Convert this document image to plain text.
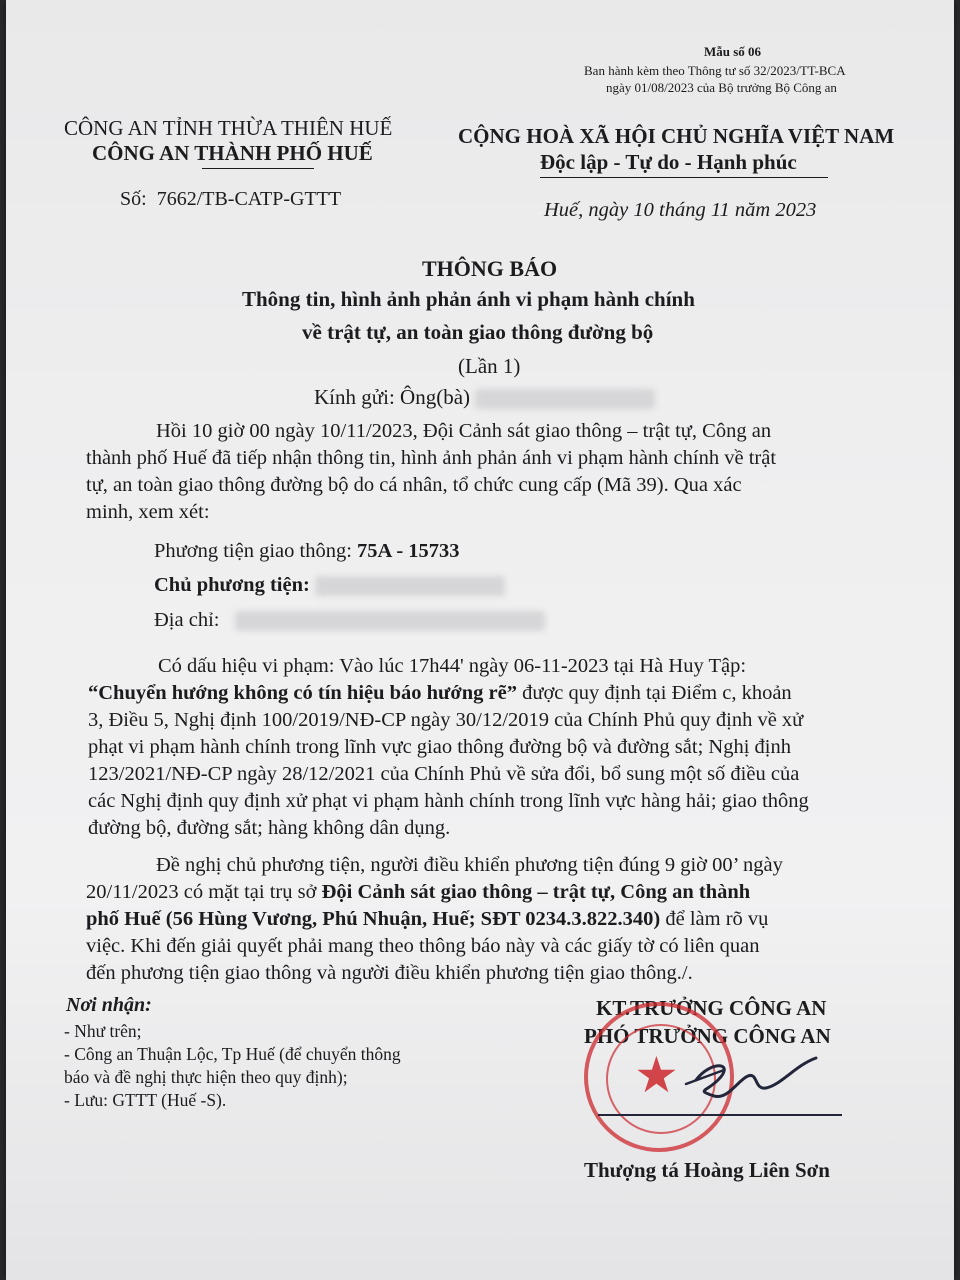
Mẫu số 06
Ban hành kèm theo Thông tư số 32/2023/TT-BCA
ngày 01/08/2023 của Bộ trưởng Bộ Công an
CÔNG AN TỈNH THỪA THIÊN HUẾ
CÔNG AN THÀNH PHỐ HUẾ
Số: 7662/TB-CATP-GTTT
CỘNG HOÀ XÃ HỘI CHỦ NGHĨA VIỆT NAM
Độc lập - Tự do - Hạnh phúc
Huế, ngày 10 tháng 11 năm 2023
THÔNG BÁO
Thông tin, hình ảnh phản ánh vi phạm hành chính
về trật tự, an toàn giao thông đường bộ
(Lần 1)
Kính gửi: Ông(bà)
Hồi 10 giờ 00 ngày 10/11/2023, Đội Cảnh sát giao thông – trật tự, Công an
thành phố Huế đã tiếp nhận thông tin, hình ảnh phản ánh vi phạm hành chính về trật
tự, an toàn giao thông đường bộ do cá nhân, tổ chức cung cấp (Mã 39). Qua xác
minh, xem xét:
Phương tiện giao thông: 75A - 15733
Chủ phương tiện:
Địa chỉ:
Có dấu hiệu vi phạm: Vào lúc 17h44' ngày 06-11-2023 tại Hà Huy Tập:
“Chuyển hướng không có tín hiệu báo hướng rẽ” được quy định tại Điểm c, khoản
3, Điều 5, Nghị định 100/2019/NĐ-CP ngày 30/12/2019 của Chính Phủ quy định về xử
phạt vi phạm hành chính trong lĩnh vực giao thông đường bộ và đường sắt; Nghị định
123/2021/NĐ-CP ngày 28/12/2021 của Chính Phủ về sửa đổi, bổ sung một số điều của
các Nghị định quy định xử phạt vi phạm hành chính trong lĩnh vực hàng hải; giao thông
đường bộ, đường sắt; hàng không dân dụng.
Đề nghị chủ phương tiện, người điều khiển phương tiện đúng 9 giờ 00’ ngày
20/11/2023 có mặt tại trụ sở Đội Cảnh sát giao thông – trật tự, Công an thành
phố Huế (56 Hùng Vương, Phú Nhuận, Huế; SĐT 0234.3.822.340) để làm rõ vụ
việc. Khi đến giải quyết phải mang theo thông báo này và các giấy tờ có liên quan
đến phương tiện giao thông và người điều khiển phương tiện giao thông./.
Nơi nhận:
- Như trên;
- Công an Thuận Lộc, Tp Huế (để chuyển thông
báo và đề nghị thực hiện theo quy định);
- Lưu: GTTT (Huế -S).
KT.TRƯỞNG CÔNG AN
PHÓ TRƯỞNG CÔNG AN
★
Thượng tá Hoàng Liên Sơn
